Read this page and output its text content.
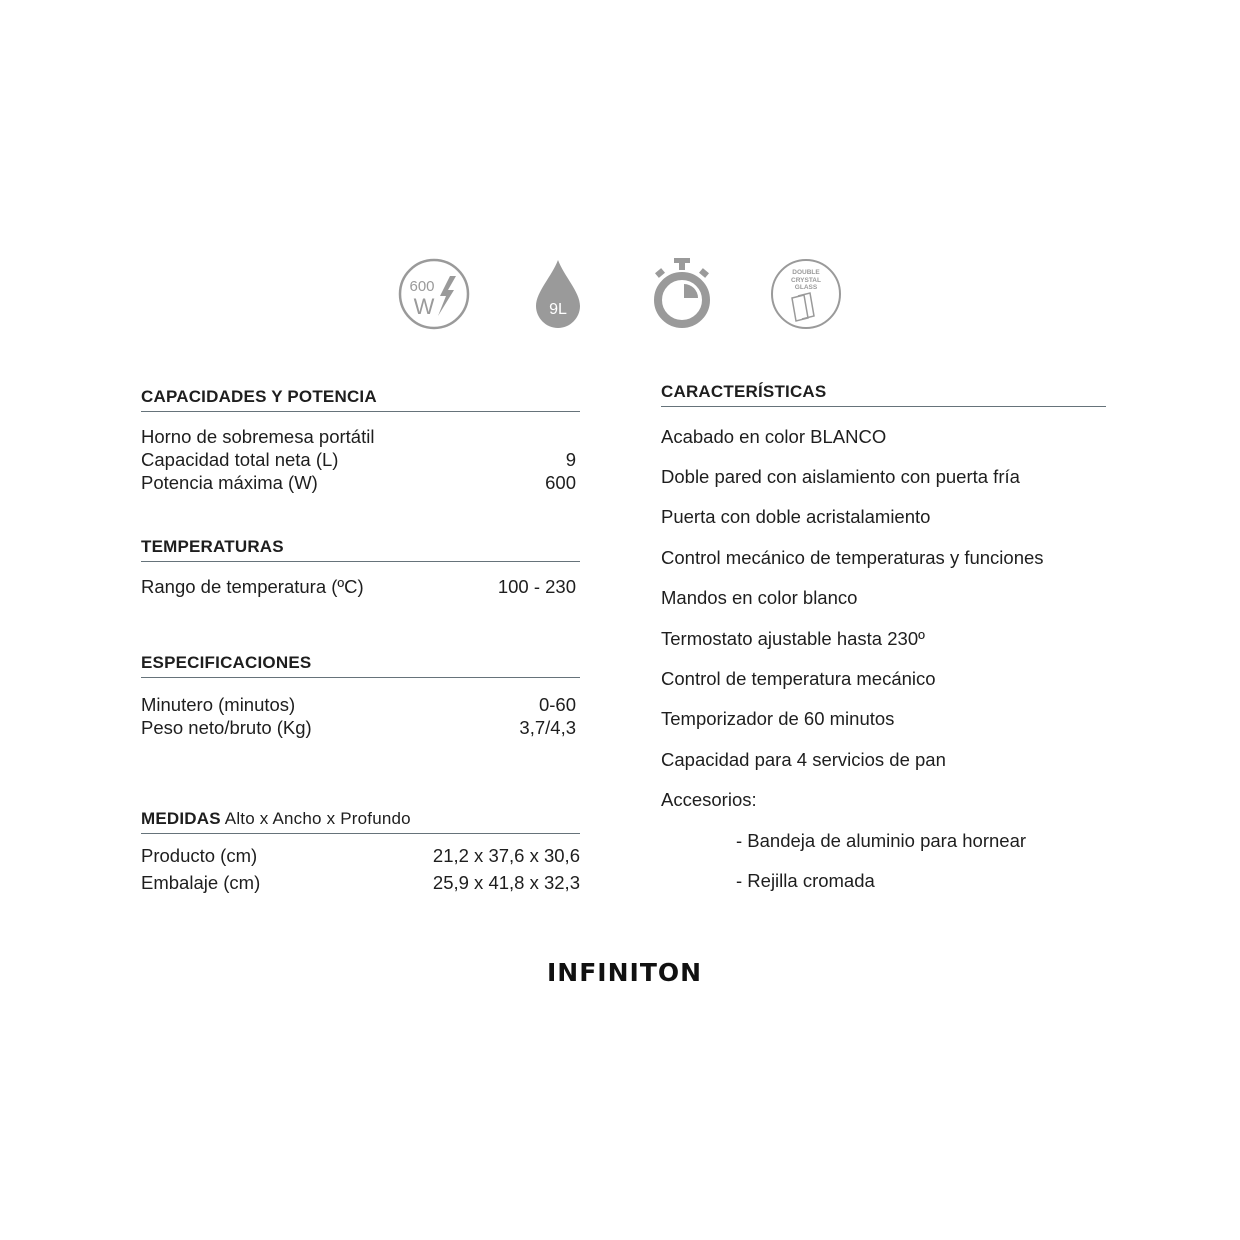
600
W	9L
DOUBLE
CRYSTAL
GLASS
CAPACIDADES Y POTENCIA
Horno de sobremesa portátil
Capacidad total neta (L)	9
Potencia máxima (W)	600
TEMPERATURAS
Rango de temperatura (ºC)	100 - 230
ESPECIFICACIONES
Minutero (minutos)	0-60
Peso neto/bruto (Kg)	3,7/4,3
MEDIDAS Alto x Ancho x Profundo
Producto (cm)	21,2 x 37,6 x 30,6
Embalaje (cm)	25,9 x 41,8 x 32,3
CARACTERÍSTICAS
Acabado en color BLANCO
Doble pared con aislamiento con puerta fría
Puerta con doble acristalamiento
Control mecánico de temperaturas y funciones
Mandos en color blanco
Termostato ajustable hasta 230º
Control de temperatura mecánico
Temporizador de 60 minutos
Capacidad para 4 servicios de pan
Accesorios:
- Bandeja de aluminio para hornear
- Rejilla cromada
INFINITON
